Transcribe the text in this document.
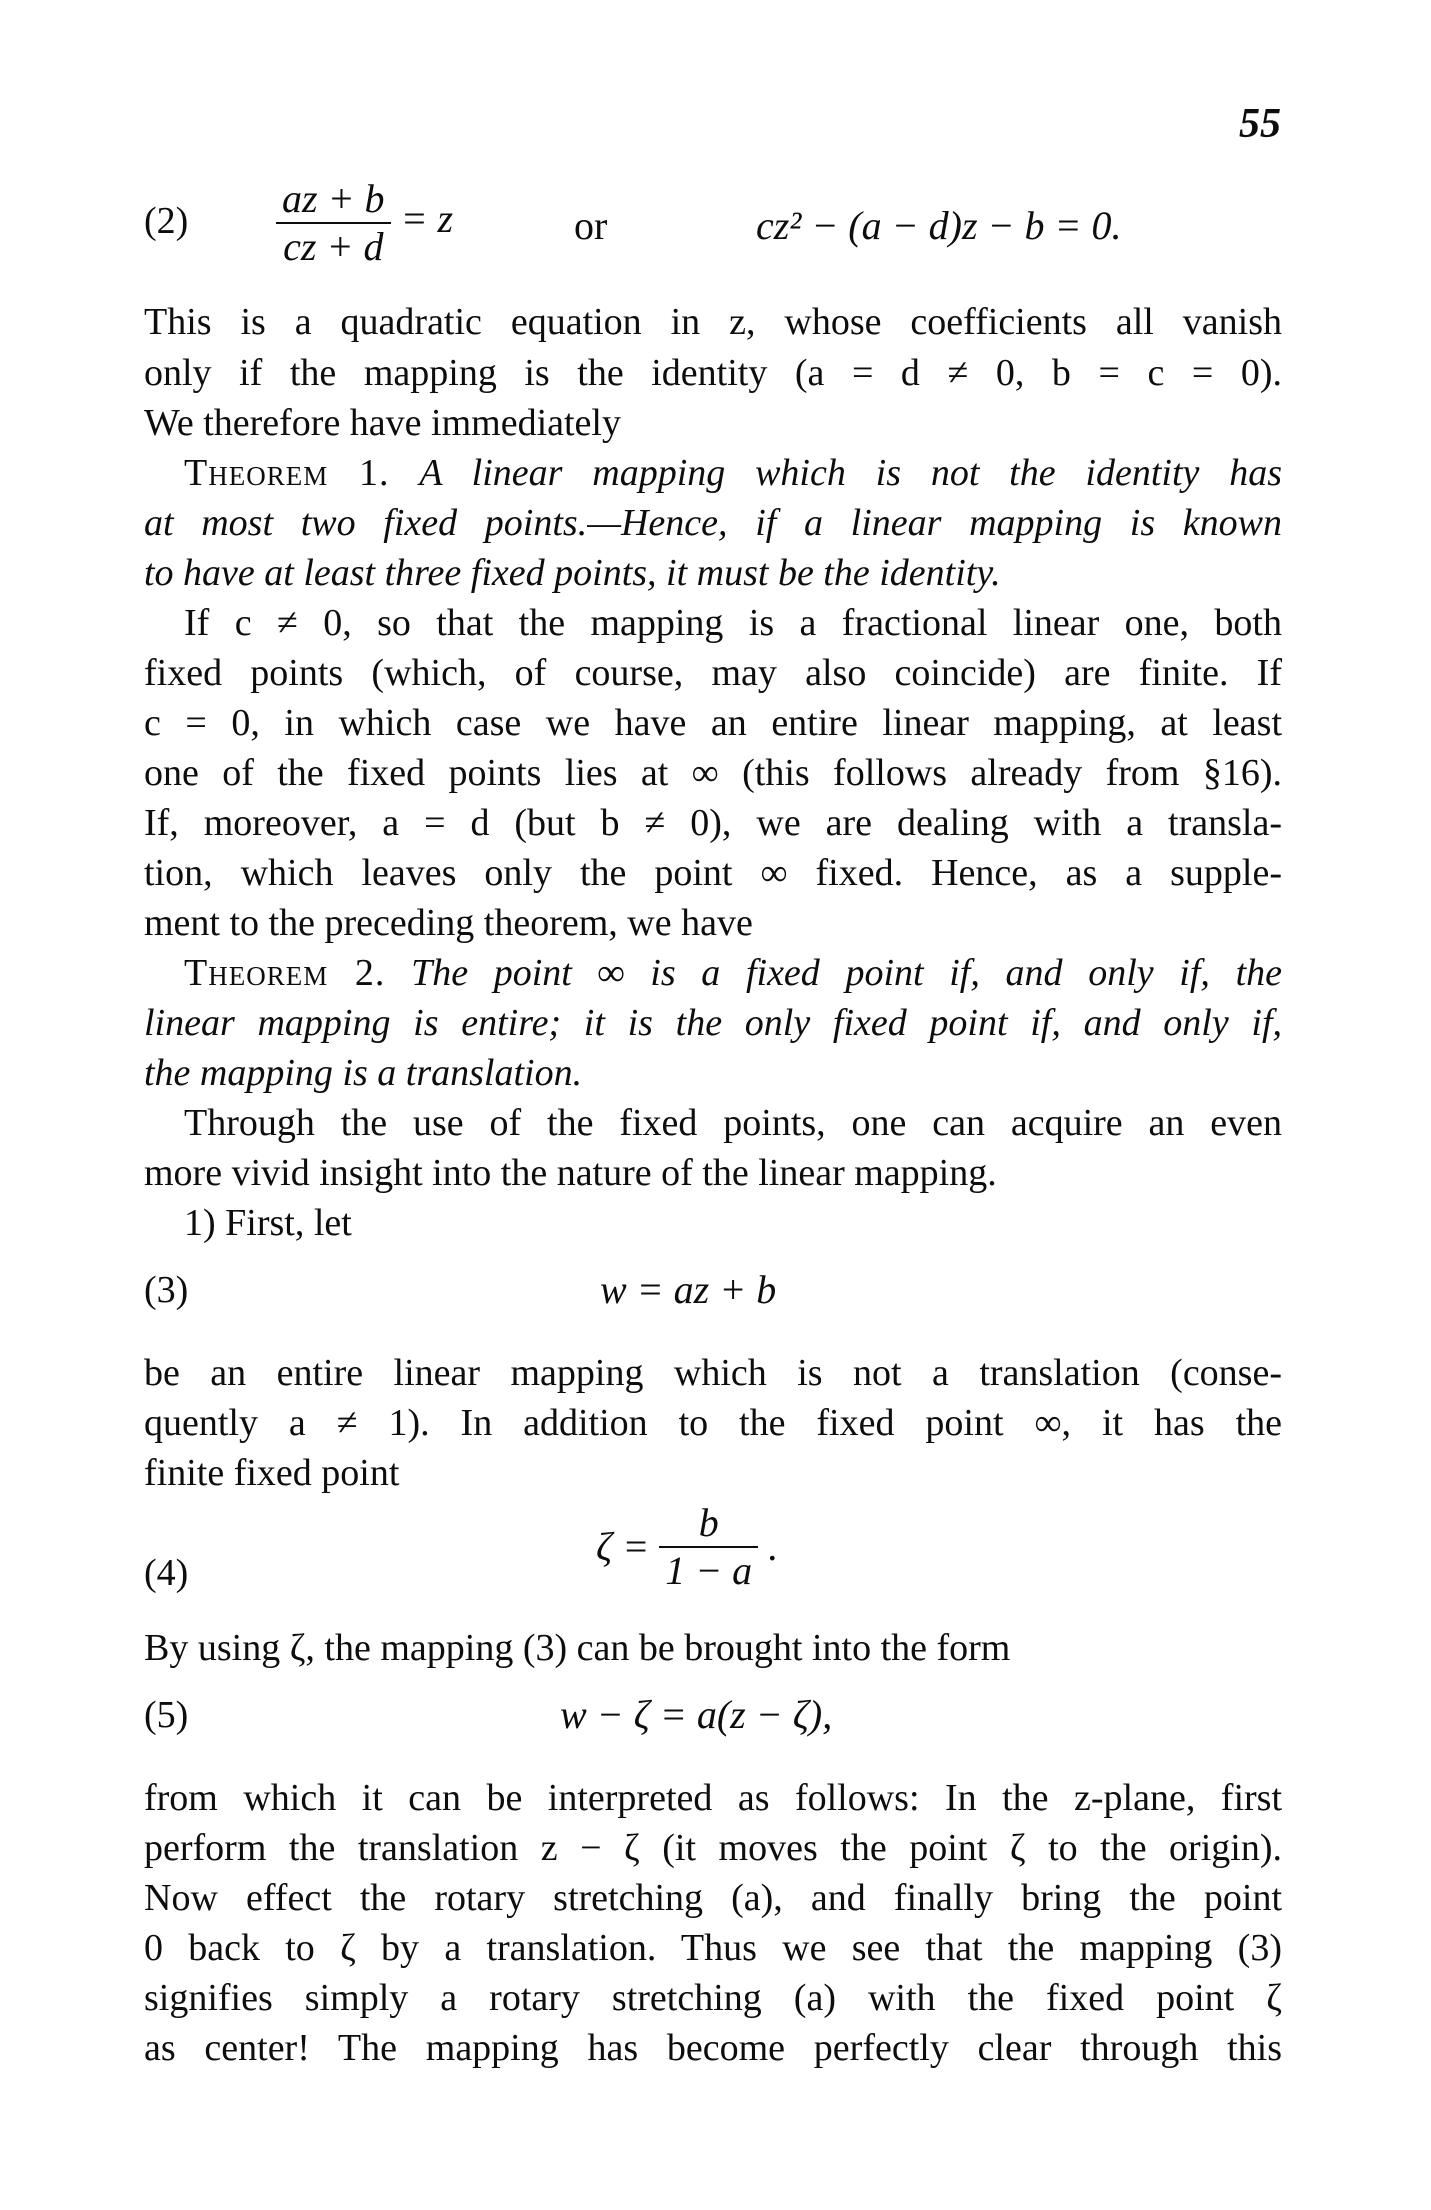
55
$(2) \frac{az + b}{cz + d} = z$	or	cz² − (a − d)z − b = 0.
This is a quadratic equation in z, whose coefficients all vanish
only if the mapping is the identity (a = d ≠ 0, b = c = 0).
We therefore have immediately
Theorem 1. A linear mapping which is not the identity has
at most two fixed points.—Hence, if a linear mapping is known
to have at least three fixed points, it must be the identity.
If c ≠ 0, so that the mapping is a fractional linear one, both
fixed points (which, of course, may also coincide) are finite. If
c = 0, in which case we have an entire linear mapping, at least
one of the fixed points lies at ∞ (this follows already from §16).
If, moreover, a = d (but b ≠ 0), we are dealing with a transla-
tion, which leaves only the point ∞ fixed. Hence, as a supple-
ment to the preceding theorem, we have
Theorem 2. The point ∞ is a fixed point if, and only if, the
linear mapping is entire; it is the only fixed point if, and only if,
the mapping is a translation.
Through the use of the fixed points, one can acquire an even
more vivid insight into the nature of the linear mapping.
1) First, let
(3)	w = az + b
be an entire linear mapping which is not a translation (conse-
quently a ≠ 1). In addition to the fixed point ∞, it has the
finite fixed point
(4)
$\zeta = \frac{b}{1 - a}$ .
By using ζ, the mapping (3) can be brought into the form
(5)	w − ζ = a(z − ζ),
from which it can be interpreted as follows: In the z-plane, first
perform the translation z − ζ (it moves the point ζ to the origin).
Now effect the rotary stretching (a), and finally bring the point
0 back to ζ by a translation. Thus we see that the mapping (3)
signifies simply a rotary stretching (a) with the fixed point ζ
as center! The mapping has become perfectly clear through this
